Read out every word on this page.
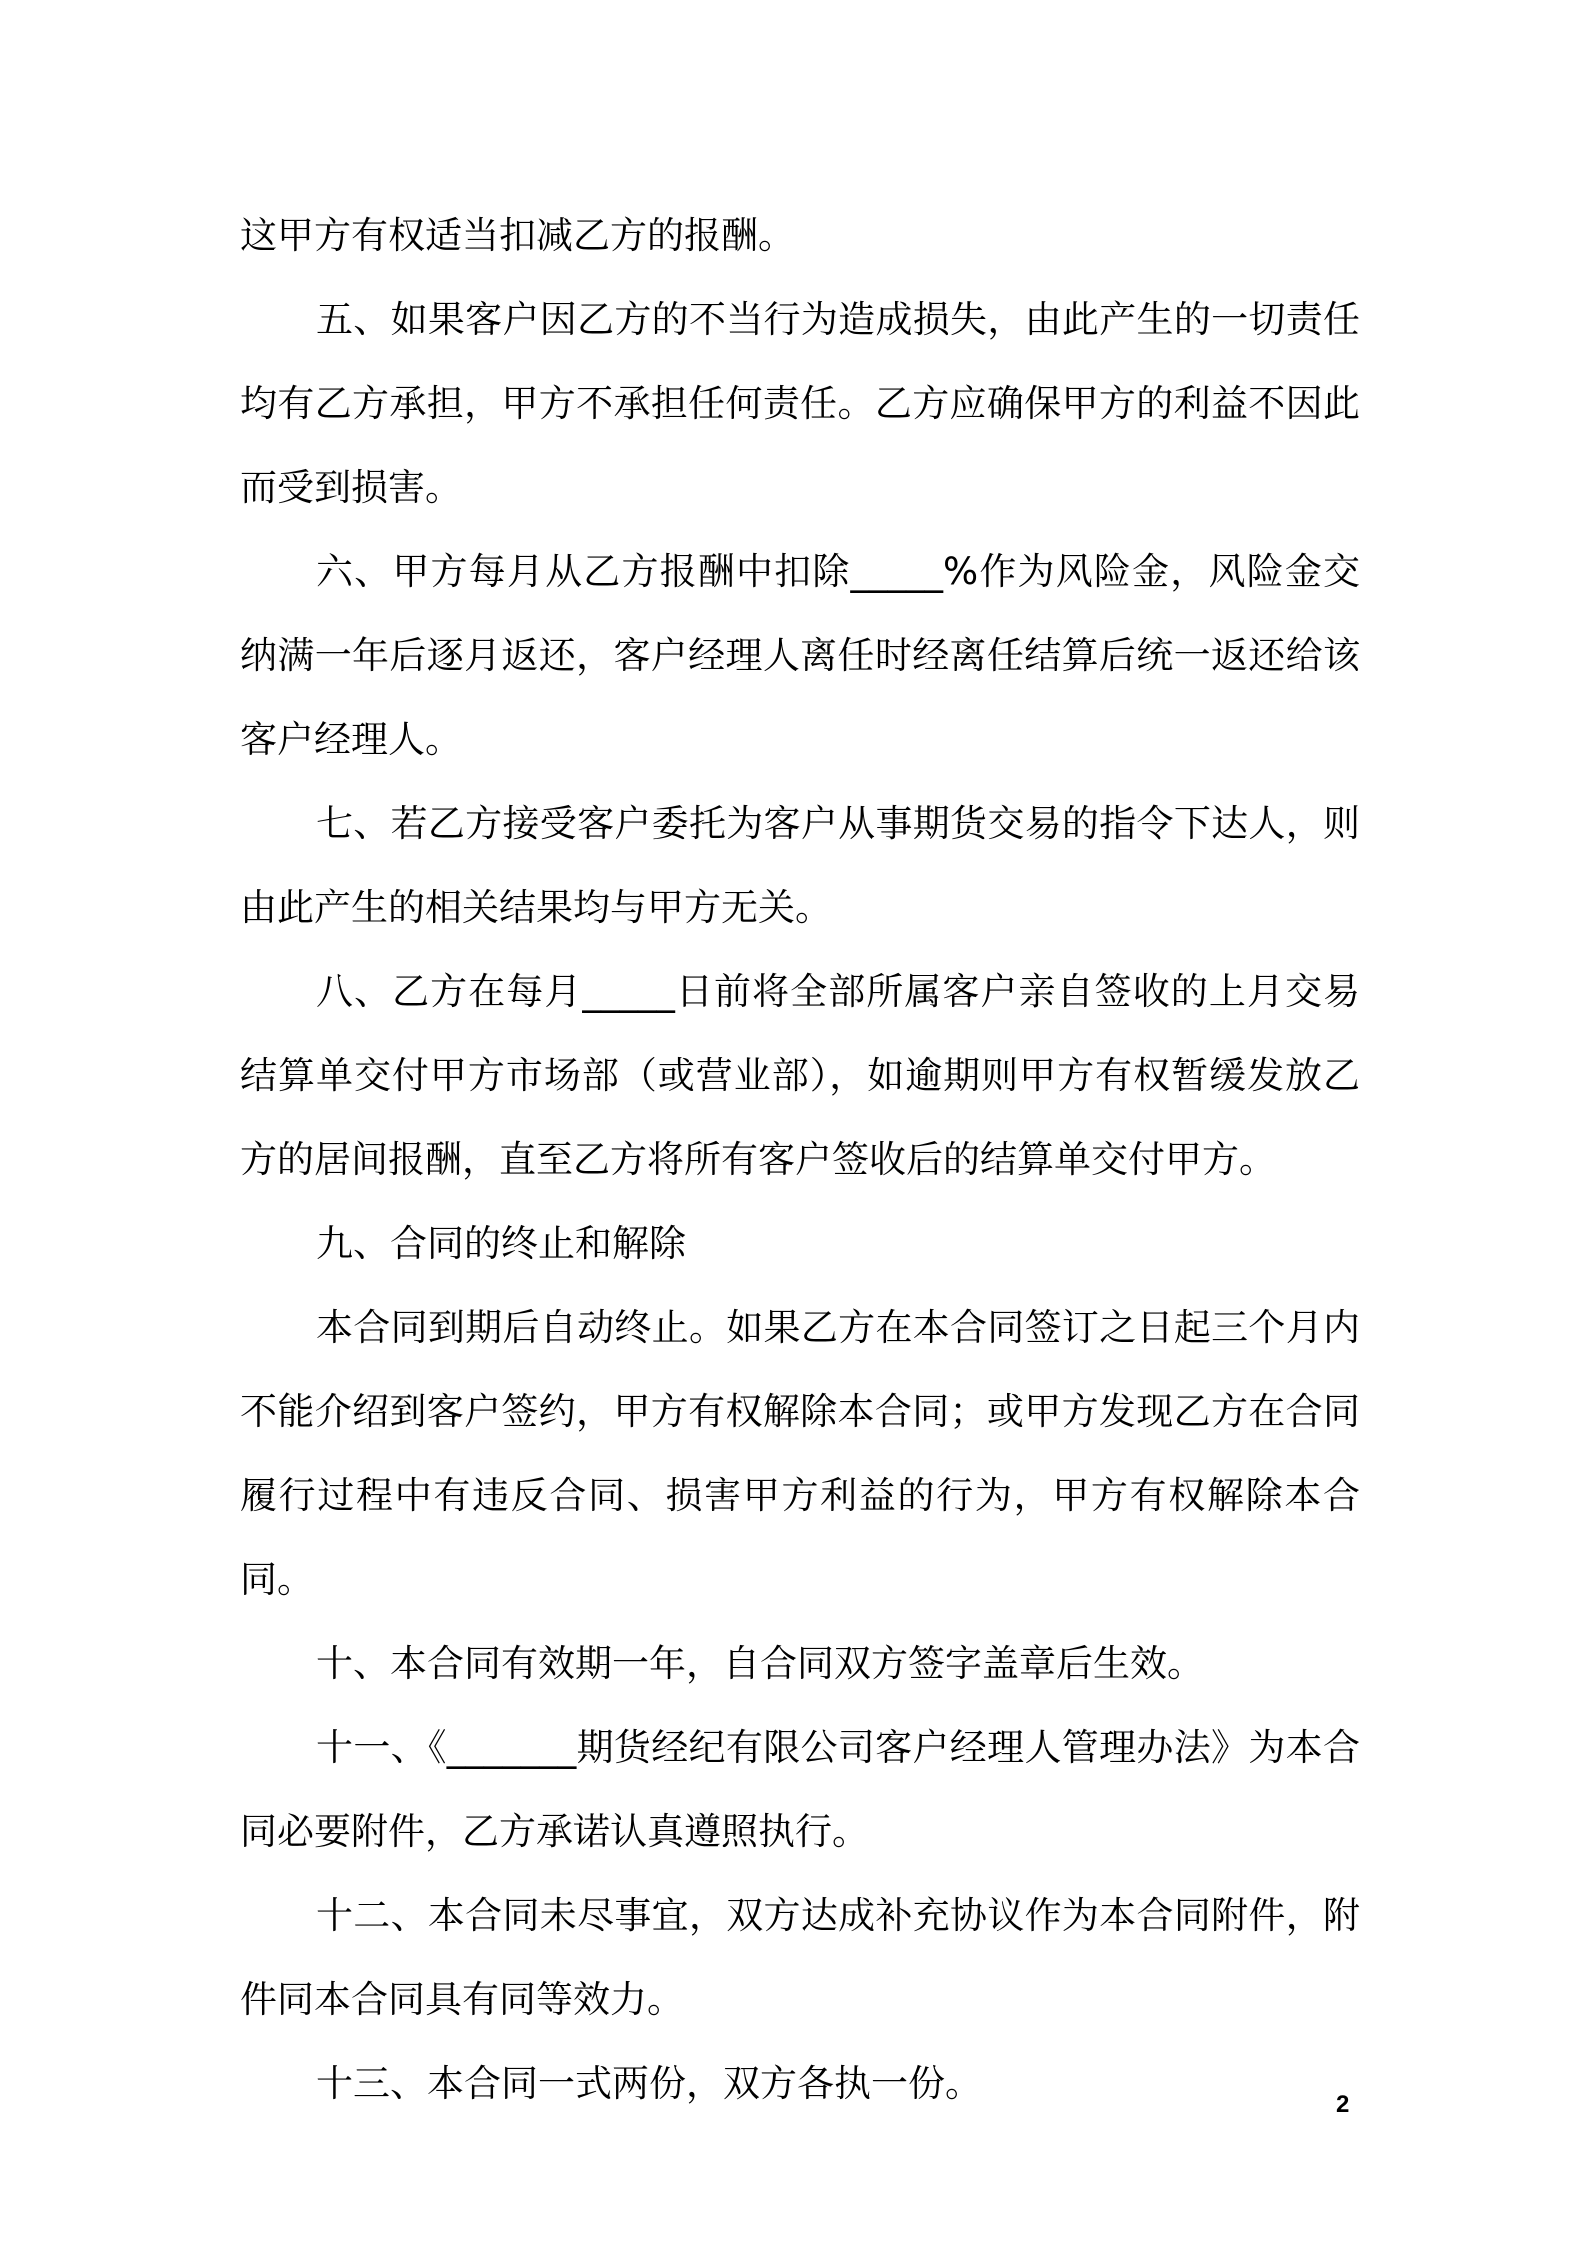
这甲方有权适当扣减乙方的报酬。

五、如果客户因乙方的不当行为造成损失，由此产生的一切责任均有乙方承担，甲方不承担任何责任。乙方应确保甲方的利益不因此而受到损害。

六、甲方每月从乙方报酬中扣除_____%作为风险金，风险金交纳满一年后逐月返还，客户经理人离任时经离任结算后统一返还给该客户经理人。

七、若乙方接受客户委托为客户从事期货交易的指令下达人，则由此产生的相关结果均与甲方无关。

八、乙方在每月_____日前将全部所属客户亲自签收的上月交易结算单交付甲方市场部（或营业部），如逾期则甲方有权暂缓发放乙方的居间报酬，直至乙方将所有客户签收后的结算单交付甲方。

九、合同的终止和解除

本合同到期后自动终止。如果乙方在本合同签订之日起三个月内不能介绍到客户签约，甲方有权解除本合同；或甲方发现乙方在合同履行过程中有违反合同、损害甲方利益的行为，甲方有权解除本合同。

十、本合同有效期一年，自合同双方签字盖章后生效。

十一、《_______期货经纪有限公司客户经理人管理办法》为本合同必要附件，乙方承诺认真遵照执行。

十二、本合同未尽事宜，双方达成补充协议作为本合同附件，附件同本合同具有同等效力。

十三、本合同一式两份，双方各执一份。	2
